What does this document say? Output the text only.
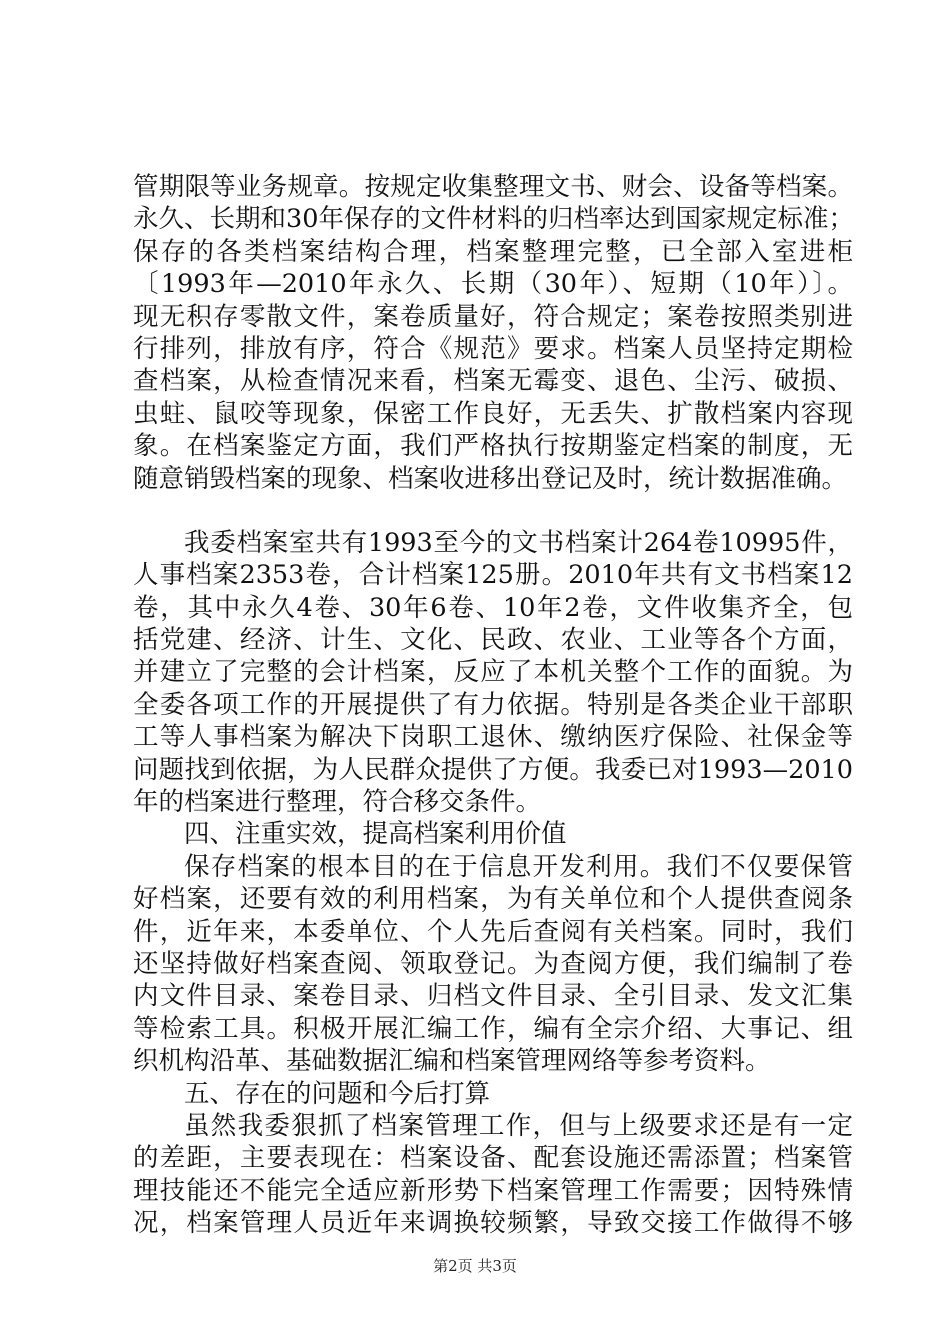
管期限等业务规章。按规定收集整理文书、财会、设备等档案。
永久、长期和30年保存的文件材料的归档率达到国家规定标准；
保存的各类档案结构合理，档案整理完整，已全部入室进柜
〔1993年—2010年永久、长期（30年）、短期（10年）〕。
现无积存零散文件，案卷质量好，符合规定；案卷按照类别进
行排列，排放有序，符合《规范》要求。档案人员坚持定期检
查档案，从检查情况来看，档案无霉变、退色、尘污、破损、
虫蛀、鼠咬等现象，保密工作良好，无丢失、扩散档案内容现
象。在档案鉴定方面，我们严格执行按期鉴定档案的制度，无
随意销毁档案的现象、档案收进移出登记及时，统计数据准确。
我委档案室共有1993至今的文书档案计264卷10995件，
人事档案2353卷，合计档案125册。2010年共有文书档案12
卷，其中永久4卷、30年6卷、10年2卷，文件收集齐全，包
括党建、经济、计生、文化、民政、农业、工业等各个方面，
并建立了完整的会计档案，反应了本机关整个工作的面貌。为
全委各项工作的开展提供了有力依据。特别是各类企业干部职
工等人事档案为解决下岗职工退休、缴纳医疗保险、社保金等
问题找到依据，为人民群众提供了方便。我委已对1993—2010
年的档案进行整理，符合移交条件。
四、注重实效，提高档案利用价值
保存档案的根本目的在于信息开发利用。我们不仅要保管
好档案，还要有效的利用档案，为有关单位和个人提供查阅条
件，近年来，本委单位、个人先后查阅有关档案。同时，我们
还坚持做好档案查阅、领取登记。为查阅方便，我们编制了卷
内文件目录、案卷目录、归档文件目录、全引目录、发文汇集
等检索工具。积极开展汇编工作，编有全宗介绍、大事记、组
织机构沿革、基础数据汇编和档案管理网络等参考资料。
五、存在的问题和今后打算
虽然我委狠抓了档案管理工作，但与上级要求还是有一定
的差距，主要表现在：档案设备、配套设施还需添置；档案管
理技能还不能完全适应新形势下档案管理工作需要；因特殊情
况，档案管理人员近年来调换较频繁，导致交接工作做得不够
第2页 共3页
